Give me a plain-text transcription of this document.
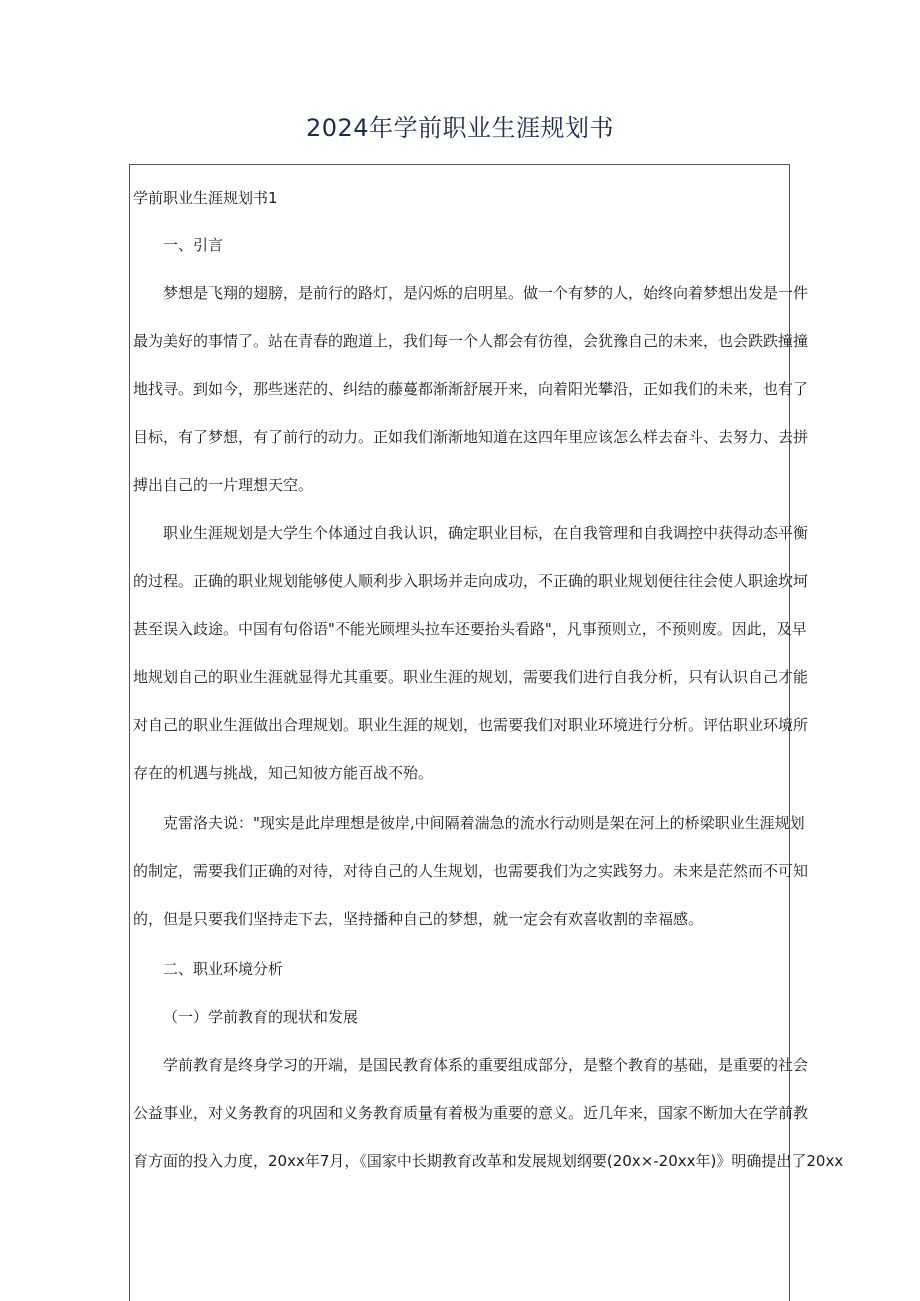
2024年学前职业生涯规划书
学前职业生涯规划书1
一、引言
梦想是飞翔的翅膀，是前行的路灯，是闪烁的启明星。做一个有梦的人，始终向着梦想出发是一件
最为美好的事情了。站在青春的跑道上，我们每一个人都会有彷徨，会犹豫自己的未来，也会跌跌撞撞
地找寻。到如今，那些迷茫的、纠结的藤蔓都渐渐舒展开来，向着阳光攀沿，正如我们的未来，也有了
目标，有了梦想，有了前行的动力。正如我们渐渐地知道在这四年里应该怎么样去奋斗、去努力、去拼
搏出自己的一片理想天空。
职业生涯规划是大学生个体通过自我认识，确定职业目标，在自我管理和自我调控中获得动态平衡
的过程。正确的职业规划能够使人顺利步入职场并走向成功，不正确的职业规划便往往会使人职途坎坷
甚至误入歧途。中国有句俗语"不能光顾埋头拉车还要抬头看路"，凡事预则立，不预则废。因此，及早
地规划自己的职业生涯就显得尤其重要。职业生涯的规划，需要我们进行自我分析，只有认识自己才能
对自己的职业生涯做出合理规划。职业生涯的规划，也需要我们对职业环境进行分析。评估职业环境所
存在的机遇与挑战，知己知彼方能百战不殆。
克雷洛夫说："现实是此岸理想是彼岸,中间隔着湍急的流水行动则是架在河上的桥梁职业生涯规划
的制定，需要我们正确的对待，对待自己的人生规划，也需要我们为之实践努力。未来是茫然而不可知
的，但是只要我们坚持走下去，坚持播种自己的梦想，就一定会有欢喜收割的幸福感。
二、职业环境分析
（一）学前教育的现状和发展
学前教育是终身学习的开端，是国民教育体系的重要组成部分，是整个教育的基础，是重要的社会
公益事业，对义务教育的巩固和义务教育质量有着极为重要的意义。近几年来，国家不断加大在学前教
育方面的投入力度，20xx年7月，《国家中长期教育改革和发展规划纲要(20x×-20xx年)》明确提出了20xx
